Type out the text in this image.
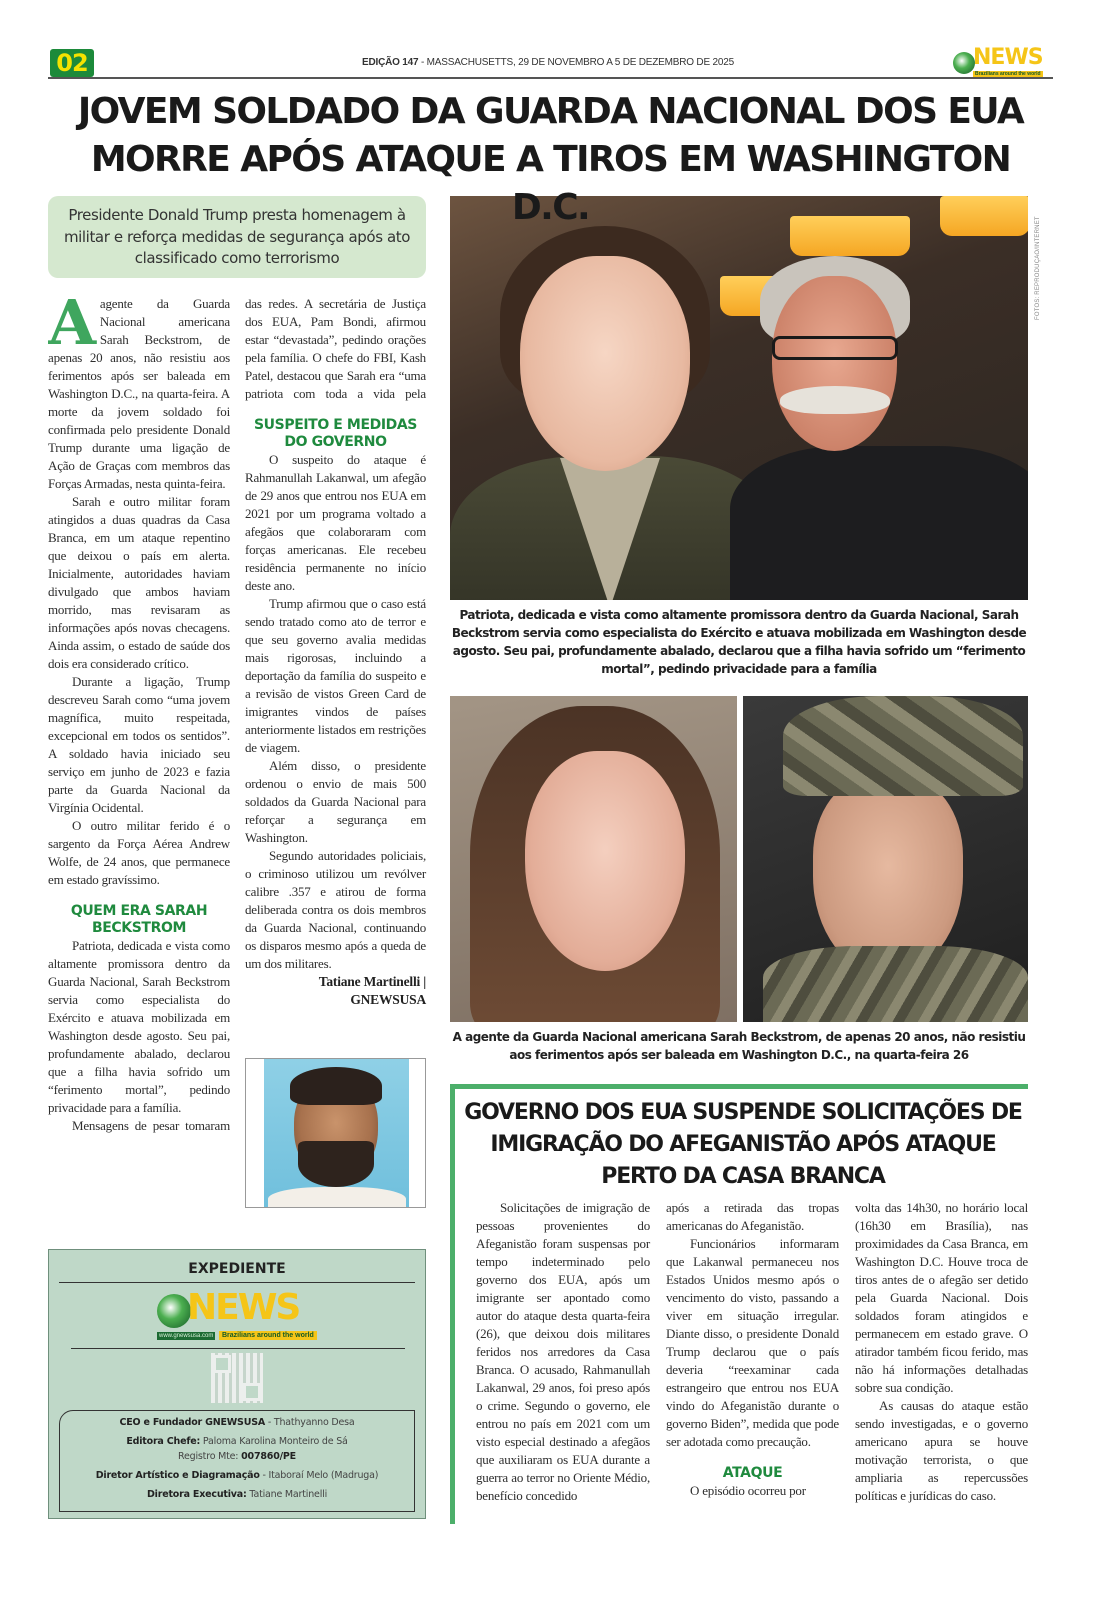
02	EDIÇÃO 147 - MASSACHUSETTS, 29 DE NOVEMBRO A 5 DE DEZEMBRO DE 2025	NEWS
Brazilians around the world
JOVEM SOLDADO DA GUARDA NACIONAL DOS EUA MORRE APÓS ATAQUE A TIROS EM WASHINGTON D.C.
Presidente Donald Trump presta homenagem à militar e reforça medidas de segurança após ato classificado como terrorismo

A agente da Guarda Nacional americana Sarah Beckstrom, de apenas 20 anos, não resistiu aos ferimentos após ser baleada em Washington D.C., na quarta-feira. A morte da jovem soldado foi confirmada pelo presidente Donald Trump durante uma ligação de Ação de Graças com membros das Forças Armadas, nesta quinta-feira.

Sarah e outro militar foram atingidos a duas quadras da Casa Branca, em um ataque repentino que deixou o país em alerta. Inicialmente, autoridades haviam divulgado que ambos haviam morrido, mas revisaram as informações após novas checagens. Ainda assim, o estado de saúde dos dois era considerado crítico.

Durante a ligação, Trump descreveu Sarah como “uma jovem magnífica, muito respeitada, excepcional em todos os sentidos”. A soldado havia iniciado seu serviço em junho de 2023 e fazia parte da Guarda Nacional da Virgínia Ocidental.

O outro militar ferido é o sargento da Força Aérea Andrew Wolfe, de 24 anos, que permanece em estado gravíssimo.

QUEM ERA SARAH BECKSTROM

Patriota, dedicada e vista como altamente promissora dentro da Guarda Nacional, Sarah Beckstrom servia como especialista do Exército e atuava mobilizada em Washington desde agosto. Seu pai, profundamente abalado, declarou que a filha havia sofrido um “ferimento mortal”, pedindo privacidade para a família.

Mensagens de pesar tomaram

das redes. A secretária de Justiça dos EUA, Pam Bondi, afirmou estar “devastada”, pedindo orações pela família. O chefe do FBI, Kash Patel, destacou que Sarah era “uma patriota com toda a vida pela

SUSPEITO E MEDIDAS DO GOVERNO

O suspeito do ataque é Rahmanullah Lakanwal, um afegão de 29 anos que entrou nos EUA em 2021 por um programa voltado a afegãos que colaboraram com forças americanas. Ele recebeu residência permanente no início deste ano.

Trump afirmou que o caso está sendo tratado como ato de terror e que seu governo avalia medidas mais rigorosas, incluindo a deportação da família do suspeito e a revisão de vistos Green Card de imigrantes vindos de países anteriormente listados em restrições de viagem.

Além disso, o presidente ordenou o envio de mais 500 soldados da Guarda Nacional para reforçar a segurança em Washington.

Segundo autoridades policiais, o criminoso utilizou um revólver calibre .357 e atirou de forma deliberada contra os dois membros da Guarda Nacional, continuando os disparos mesmo após a queda de um dos militares.

Tatiane Martinelli |

GNEWSUSA

FOTOS: REPRODUÇÃO/INTERNET
Patriota, dedicada e vista como altamente promissora dentro da Guarda Nacional, Sarah Beckstrom servia como especialista do Exército e atuava mobilizada em Washington desde agosto. Seu pai, profundamente abalado, declarou que a filha havia sofrido um “ferimento mortal”, pedindo privacidade para a família
A agente da Guarda Nacional americana Sarah Beckstrom, de apenas 20 anos, não resistiu aos ferimentos após ser baleada em Washington D.C., na quarta-feira 26
GOVERNO DOS EUA SUSPENDE SOLICITAÇÕES DE IMIGRAÇÃO DO AFEGANISTÃO APÓS ATAQUE PERTO DA CASA BRANCA

Solicitações de imigração de pessoas provenientes do Afeganistão foram suspensas por tempo indeterminado pelo governo dos EUA, após um imigrante ser apontado como autor do ataque desta quarta-feira (26), que deixou dois militares feridos nos arredores da Casa Branca. O acusado, Rahmanullah Lakanwal, 29 anos, foi preso após o crime. Segundo o governo, ele entrou no país em 2021 com um visto especial destinado a afegãos que auxiliaram os EUA durante a guerra ao terror no Oriente Médio, benefício concedido

após a retirada das tropas americanas do Afeganistão.

Funcionários informaram que Lakanwal permaneceu nos Estados Unidos mesmo após o vencimento do visto, passando a viver em situação irregular. Diante disso, o presidente Donald Trump declarou que o país deveria “reexaminar cada estrangeiro que entrou nos EUA vindo do Afeganistão durante o governo Biden”, medida que pode ser adotada como precaução.

ATAQUE

O episódio ocorreu por

volta das 14h30, no horário local (16h30 em Brasília), nas proximidades da Casa Branca, em Washington D.C. Houve troca de tiros antes de o afegão ser detido pela Guarda Nacional. Dois soldados foram atingidos e permanecem em estado grave. O atirador também ficou ferido, mas não há informações detalhadas sobre sua condição.

As causas do ataque estão sendo investigadas, e o governo americano apura se houve motivação terrorista, o que ampliaria as repercussões políticas e jurídicas do caso.

EXPEDIENTE
NEWS
www.gnewsusa.com	Brazilians around the world
CEO e Fundador GNEWSUSA - Thathyanno Desa
Editora Chefe: Paloma Karolina Monteiro de Sá
Registro Mte: 007860/PE
Diretor Artístico e Diagramação - Itaboraí Melo (Madruga)
Diretora Executiva: Tatiane Martinelli
